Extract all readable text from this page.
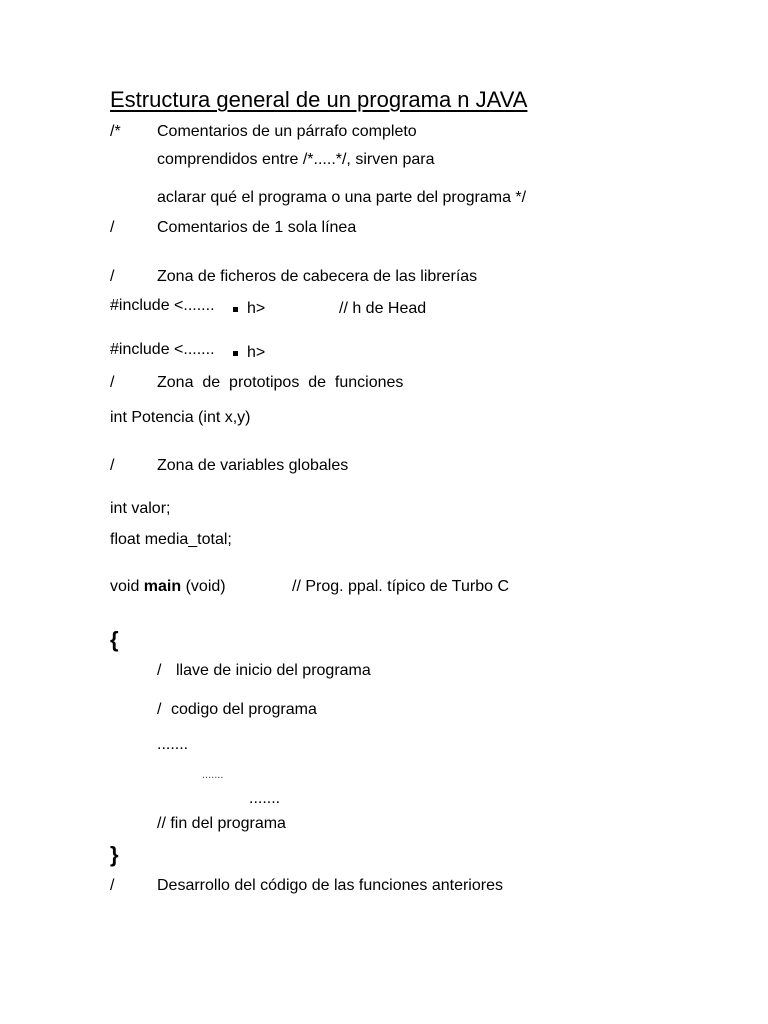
Estructura general de un programa n JAVA
/* Comentarios de un párrafo completo
comprendidos entre /*.....*/, sirven para
aclarar qué el programa o una parte del programa */
/	Comentarios de 1 sola línea
/	Zona de ficheros de cabecera de las librerías
#include <....... h>	// h de Head
#include <....... h>
/	Zona  de  prototipos  de  funciones
int Potencia (int x,y)
/	Zona de variables globales
int valor;
float media_total;
void main (void)	// Prog. ppal. típico de Turbo C
{
/ llave de inicio del programa
/ codigo del programa
.......
.......
.......
// fin del programa
}
/	Desarrollo del código de las funciones anteriores
